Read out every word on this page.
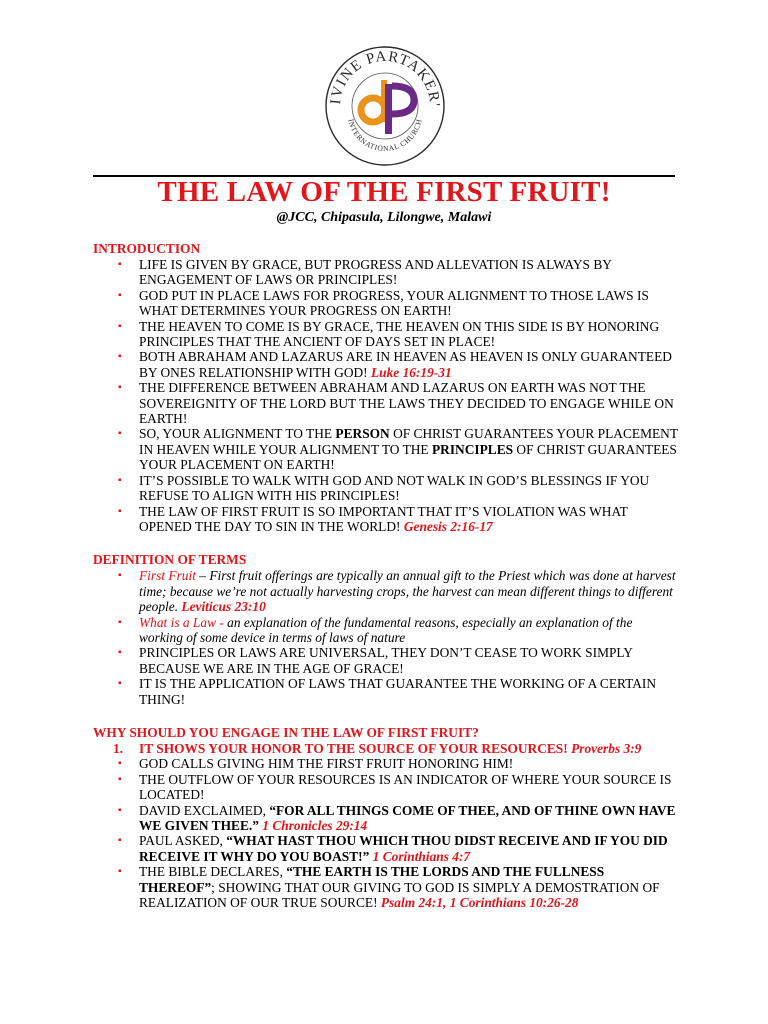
IVINE PARTAKER'
INTERNATIONAL CHURCH
THE LAW OF THE FIRST FRUIT!
@JCC, Chipasula, Lilongwe, Malawi
INTRODUCTION
▪ LIFE IS GIVEN BY GRACE, BUT PROGRESS AND ALLEVATION IS ALWAYS BY ENGAGEMENT OF LAWS OR PRINCIPLES!
▪ GOD PUT IN PLACE LAWS FOR PROGRESS, YOUR ALIGNMENT TO THOSE LAWS IS WHAT DETERMINES YOUR PROGRESS ON EARTH!
▪ THE HEAVEN TO COME IS BY GRACE, THE HEAVEN ON THIS SIDE IS BY HONORING PRINCIPLES THAT THE ANCIENT OF DAYS SET IN PLACE!
▪ BOTH ABRAHAM AND LAZARUS ARE IN HEAVEN AS HEAVEN IS ONLY GUARANTEED BY ONES RELATIONSHIP WITH GOD! Luke 16:19-31
▪ THE DIFFERENCE BETWEEN ABRAHAM AND LAZARUS ON EARTH WAS NOT THE SOVEREIGNITY OF THE LORD BUT THE LAWS THEY DECIDED TO ENGAGE WHILE ON EARTH!
▪ SO, YOUR ALIGNMENT TO THE PERSON OF CHRIST GUARANTEES YOUR PLACEMENT IN HEAVEN WHILE YOUR ALIGNMENT TO THE PRINCIPLES OF CHRIST GUARANTEES YOUR PLACEMENT ON EARTH!
▪ IT’S POSSIBLE TO WALK WITH GOD AND NOT WALK IN GOD’S BLESSINGS IF YOU REFUSE TO ALIGN WITH HIS PRINCIPLES!
▪ THE LAW OF FIRST FRUIT IS SO IMPORTANT THAT IT’S VIOLATION WAS WHAT OPENED THE DAY TO SIN IN THE WORLD! Genesis 2:16-17
DEFINITION OF TERMS
▪ First Fruit – First fruit offerings are typically an annual gift to the Priest which was done at harvest time; because we’re not actually harvesting crops, the harvest can mean different things to different people. Leviticus 23:10
▪ What is a Law - an explanation of the fundamental reasons, especially an explanation of the working of some device in terms of laws of nature
▪ PRINCIPLES OR LAWS ARE UNIVERSAL, THEY DON’T CEASE TO WORK SIMPLY BECAUSE WE ARE IN THE AGE OF GRACE!
▪ IT IS THE APPLICATION OF LAWS THAT GUARANTEE THE WORKING OF A CERTAIN THING!
WHY SHOULD YOU ENGAGE IN THE LAW OF FIRST FRUIT?
1. IT SHOWS YOUR HONOR TO THE SOURCE OF YOUR RESOURCES! Proverbs 3:9
▪ GOD CALLS GIVING HIM THE FIRST FRUIT HONORING HIM!
▪ THE OUTFLOW OF YOUR RESOURCES IS AN INDICATOR OF WHERE YOUR SOURCE IS LOCATED!
▪ DAVID EXCLAIMED, “FOR ALL THINGS COME OF THEE, AND OF THINE OWN HAVE WE GIVEN THEE.” 1 Chronicles 29:14
▪ PAUL ASKED, “WHAT HAST THOU WHICH THOU DIDST RECEIVE AND IF YOU DID RECEIVE IT WHY DO YOU BOAST!” 1 Corinthians 4:7
▪ THE BIBLE DECLARES, “THE EARTH IS THE LORDS AND THE FULLNESS THEREOF”; SHOWING THAT OUR GIVING TO GOD IS SIMPLY A DEMOSTRATION OF REALIZATION OF OUR TRUE SOURCE! Psalm 24:1, 1 Corinthians 10:26-28
